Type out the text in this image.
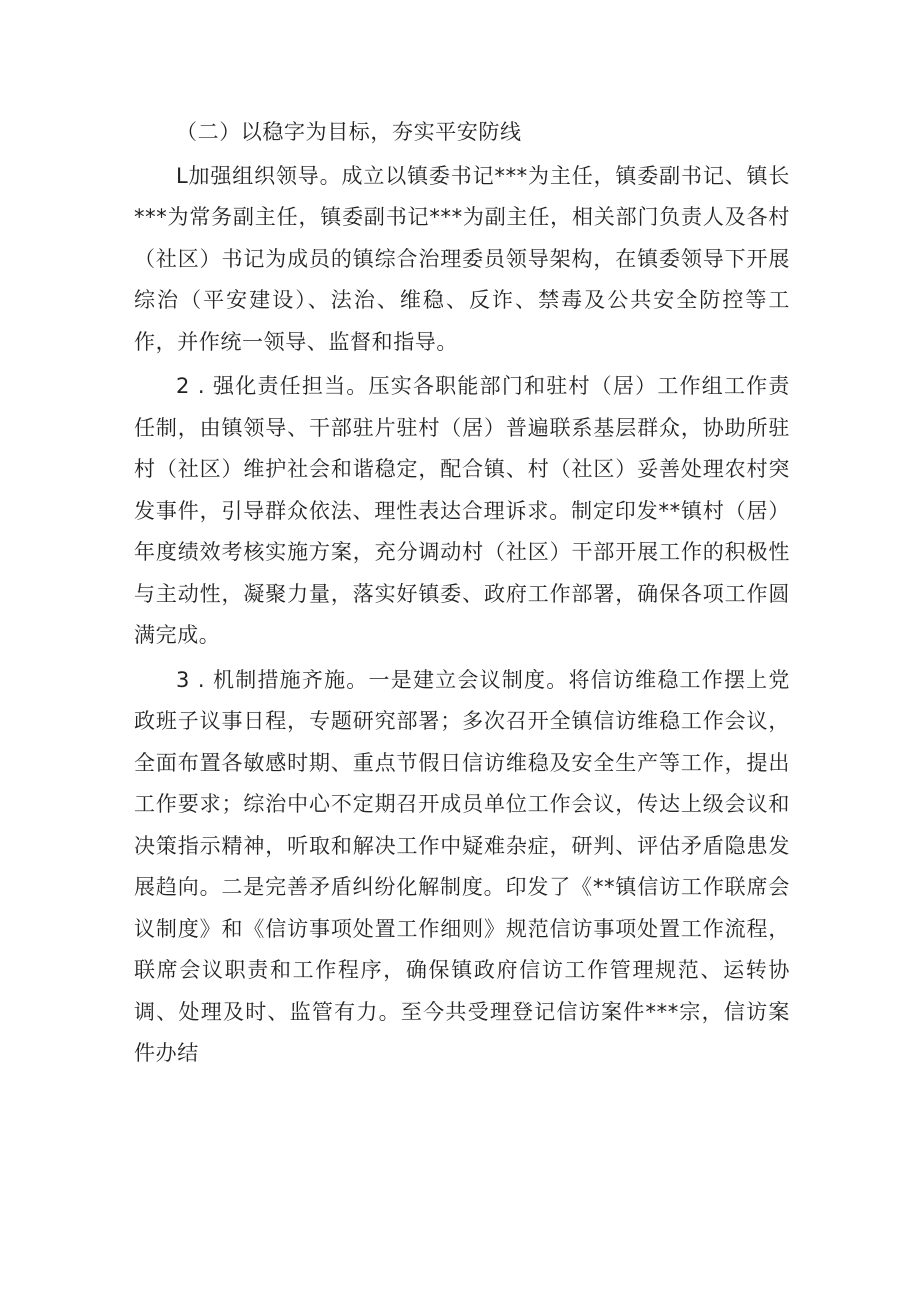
（二）以稳字为目标，夯实平安防线

L加强组织领导。成立以镇委书记***为主任，镇委副书记、镇长***为常务副主任，镇委副书记***为副主任，相关部门负责人及各村（社区）书记为成员的镇综合治理委员领导架构，在镇委领导下开展综治（平安建设）、法治、维稳、反诈、禁毒及公共安全防控等工作，并作统一领导、监督和指导。

2 . 强化责任担当。压实各职能部门和驻村（居）工作组工作责任制，由镇领导、干部驻片驻村（居）普遍联系基层群众，协助所驻村（社区）维护社会和谐稳定，配合镇、村（社区）妥善处理农村突发事件，引导群众依法、理性表达合理诉求。制定印发**镇村（居）年度绩效考核实施方案，充分调动村（社区）干部开展工作的积极性与主动性，凝聚力量，落实好镇委、政府工作部署，确保各项工作圆满完成。

3 . 机制措施齐施。一是建立会议制度。将信访维稳工作摆上党政班子议事日程，专题研究部署；多次召开全镇信访维稳工作会议，全面布置各敏感时期、重点节假日信访维稳及安全生产等工作，提出工作要求；综治中心不定期召开成员单位工作会议，传达上级会议和决策指示精神，听取和解决工作中疑难杂症，研判、评估矛盾隐患发展趋向。二是完善矛盾纠纷化解制度。印发了《**镇信访工作联席会议制度》和《信访事项处置工作细则》规范信访事项处置工作流程，联席会议职责和工作程序，确保镇政府信访工作管理规范、运转协调、处理及时、监管有力。至今共受理登记信访案件***宗，信访案件办结
